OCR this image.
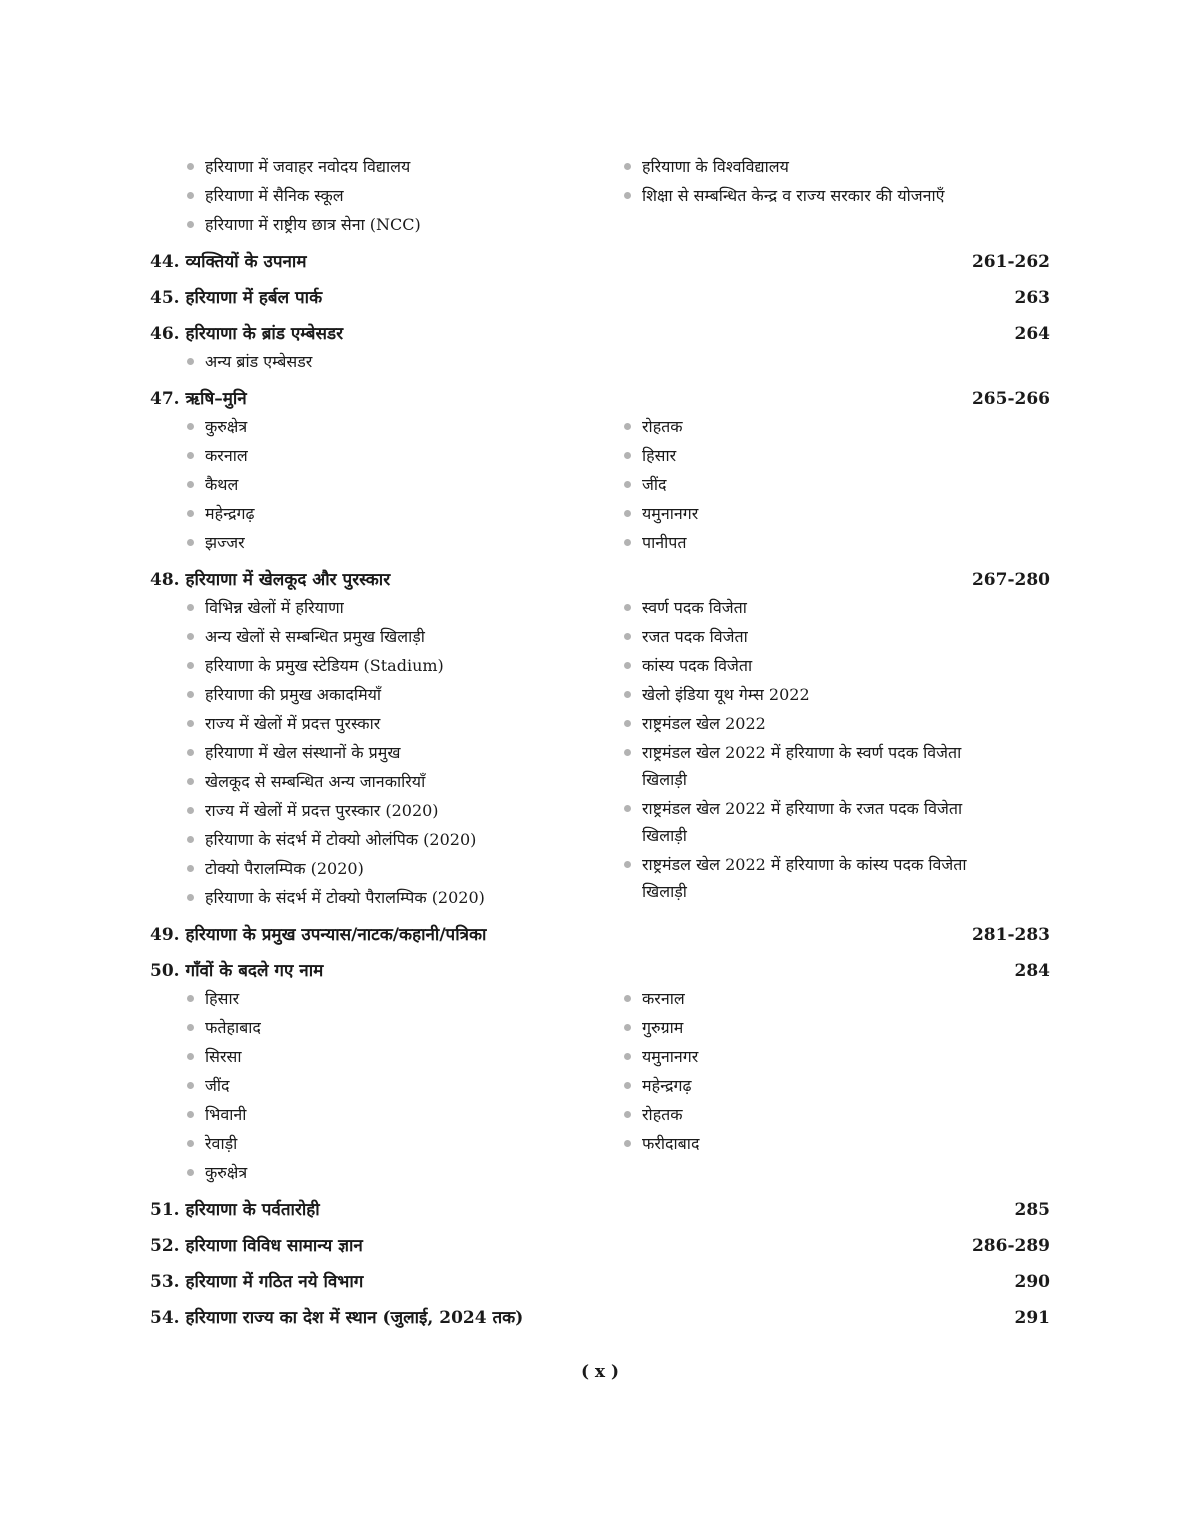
हरियाणा में जवाहर नवोदय विद्यालय
हरियाणा में सैनिक स्कूल
हरियाणा में राष्ट्रीय छात्र सेना (NCC)
हरियाणा के विश्वविद्यालय
शिक्षा से सम्बन्धित केन्द्र व राज्य सरकार की योजनाएँ
44. व्यक्तियों के उपनाम	261-262
45. हरियाणा में हर्बल पार्क	263
46. हरियाणा के ब्रांड एम्बेसडर	264
अन्य ब्रांड एम्बेसडर
47. ऋषि–मुनि	265-266
कुरुक्षेत्र
करनाल
कैथल
महेन्द्रगढ़
झज्जर
रोहतक
हिसार
जींद
यमुनानगर
पानीपत
48. हरियाणा में खेलकूद और पुरस्कार	267-280
विभिन्न खेलों में हरियाणा
अन्य खेलों से सम्बन्धित प्रमुख खिलाड़ी
हरियाणा के प्रमुख स्टेडियम (Stadium)
हरियाणा की प्रमुख अकादमियाँ
राज्य में खेलों में प्रदत्त पुरस्कार
हरियाणा में खेल संस्थानों के प्रमुख
खेलकूद से सम्बन्धित अन्य जानकारियाँ
राज्य में खेलों में प्रदत्त पुरस्कार (2020)
हरियाणा के संदर्भ में टोक्यो ओलंपिक (2020)
टोक्यो पैरालम्पिक (2020)
हरियाणा के संदर्भ में टोक्यो पैरालम्पिक (2020)
स्वर्ण पदक विजेता
रजत पदक विजेता
कांस्य पदक विजेता
खेलो इंडिया यूथ गेम्स 2022
राष्ट्रमंडल खेल 2022
राष्ट्रमंडल खेल 2022 में हरियाणा के स्वर्ण पदक विजेता खिलाड़ी
राष्ट्रमंडल खेल 2022 में हरियाणा के रजत पदक विजेता खिलाड़ी
राष्ट्रमंडल खेल 2022 में हरियाणा के कांस्य पदक विजेता खिलाड़ी
49. हरियाणा के प्रमुख उपन्यास/नाटक/कहानी/पत्रिका	281-283
50. गाँवों के बदले गए नाम	284
हिसार
फतेहाबाद
सिरसा
जींद
भिवानी
रेवाड़ी
कुरुक्षेत्र
करनाल
गुरुग्राम
यमुनानगर
महेन्द्रगढ़
रोहतक
फरीदाबाद
51. हरियाणा के पर्वतारोही	285
52. हरियाणा विविध सामान्य ज्ञान	286-289
53. हरियाणा में गठित नये विभाग	290
54. हरियाणा राज्य का देश में स्थान (जुलाई, 2024 तक)	291
( x )
